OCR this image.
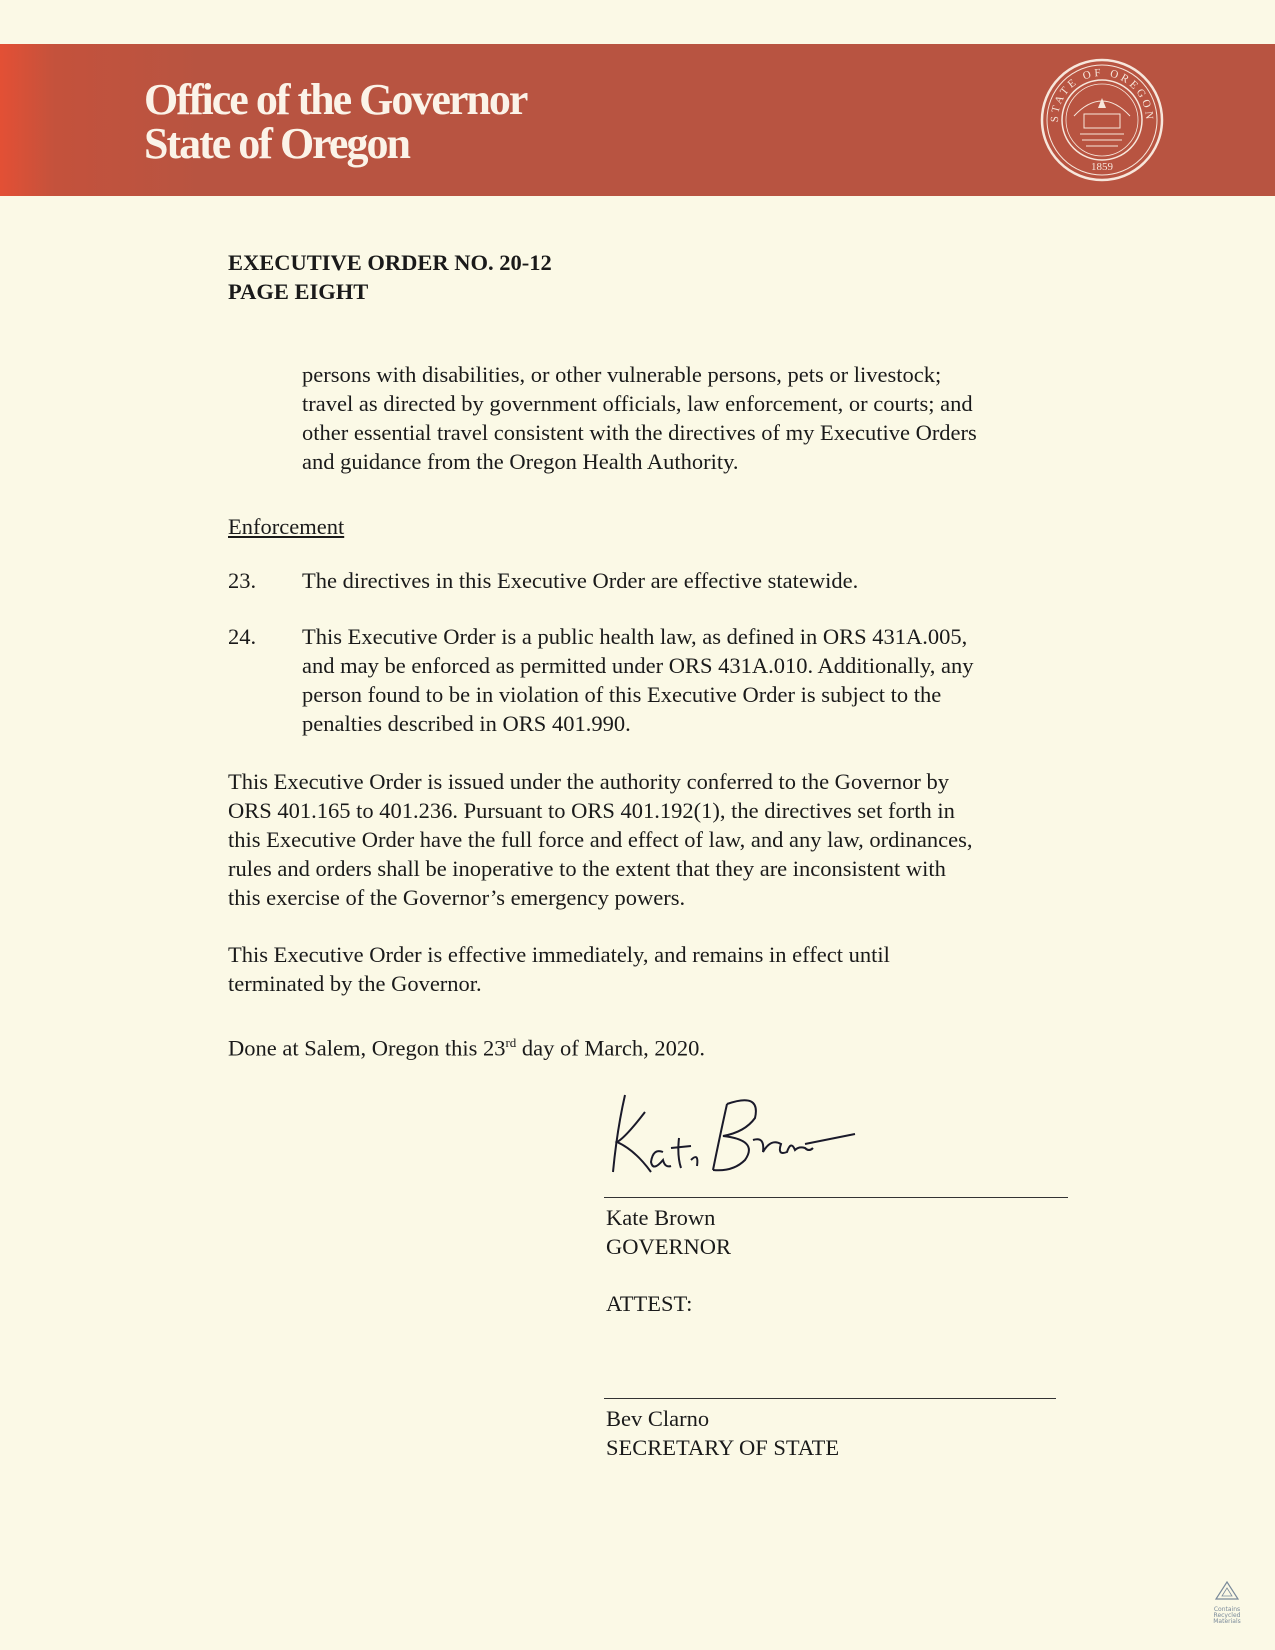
Office of the Governor
State of Oregon
STATE OF OREGON
1859
EXECUTIVE ORDER NO. 20-12
PAGE EIGHT
persons with disabilities, or other vulnerable persons, pets or livestock;
travel as directed by government officials, law enforcement, or courts; and
other essential travel consistent with the directives of my Executive Orders
and guidance from the Oregon Health Authority.
Enforcement
23. The directives in this Executive Order are effective statewide.
24. This Executive Order is a public health law, as defined in ORS 431A.005,
and may be enforced as permitted under ORS 431A.010. Additionally, any
person found to be in violation of this Executive Order is subject to the
penalties described in ORS 401.990.
This Executive Order is issued under the authority conferred to the Governor by
ORS 401.165 to 401.236. Pursuant to ORS 401.192(1), the directives set forth in
this Executive Order have the full force and effect of law, and any law, ordinances,
rules and orders shall be inoperative to the extent that they are inconsistent with
this exercise of the Governor’s emergency powers.
This Executive Order is effective immediately, and remains in effect until
terminated by the Governor.
Done at Salem, Oregon this 23rd day of March, 2020.
Kate Brown
GOVERNOR
ATTEST:
Bev Clarno
SECRETARY OF STATE
Contains
Recycled
Materials
